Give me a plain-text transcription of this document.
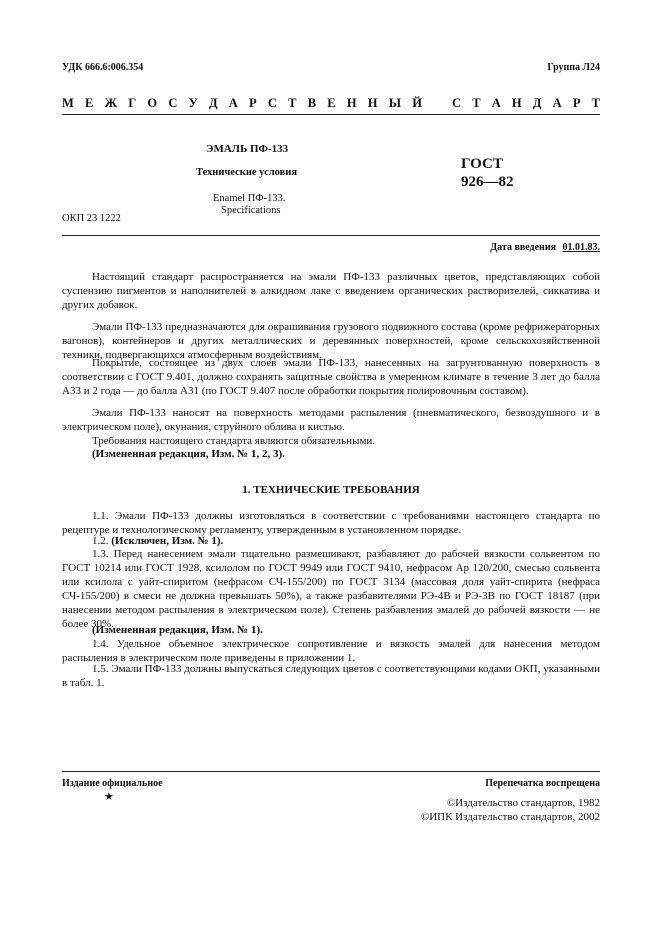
УДК 666.6:006.354	Группа Л24
М Е Ж Г О С У Д А Р С Т В Е Н Н Ы Й С Т А Н Д А Р Т
ЭМАЛЬ ПФ-133
Технические условия
Enamel ПФ-133.
Specifications
ОКП 23 1222
ГОСТ
926—82
Дата введения 01.01.83.

Настоящий стандарт распространяется на эмали ПФ-133 различных цветов, представляющих собой суспензию пигментов и наполнителей в алкидном лаке с введением органических растворителей, сиккатива и других добавок.

Эмали ПФ-133 предназначаются для окрашивания грузового подвижного состава (кроме рефрижераторных вагонов), контейнеров и других металлических и деревянных поверхностей, кроме сельскохозяйственной техники, подвергающихся атмосферным воздействиям.

Покрытие, состоящее из двух слоев эмали ПФ-133, нанесенных на загрунтованную поверхность в соответствии с ГОСТ 9.401, должно сохранять защитные свойства в умеренном климате в течение 3 лет до балла А33 и 2 года — до балла А31 (по ГОСТ 9.407 после обработки покрытия полировочным составом).

Эмали ПФ-133 наносят на поверхность методами распыления (пневматического, безвоздушного и в электрическом поле), окунания, струйного облива и кистью.

Требования настоящего стандарта являются обязательными.

(Измененная редакция, Изм. № 1, 2, 3).

1. ТЕХНИЧЕСКИЕ ТРЕБОВАНИЯ

1.1. Эмали ПФ-133 должны изготовляться в соответствии с требованиями настоящего стандарта по рецептуре и технологическому регламенту, утвержденным в установленном порядке.

1.2. (Исключен, Изм. № 1).

1.3. Перед нанесением эмали тщательно размешивают, разбавляют до рабочей вязкости сольвентом по ГОСТ 10214 или ГОСТ 1928, ксилолом по ГОСТ 9949 или ГОСТ 9410, нефрасом Ар 120/200, смесью сольвента или ксилола с уайт-спиритом (нефрасом СЧ-155/200) по ГОСТ 3134 (массовая доля уайт-спирита (нефраса СЧ-155/200) в смеси не должна превышать 50%), а также разбавителями РЭ-4В и РЭ-3В по ГОСТ 18187 (при нанесении методом распыления в электрическом поле). Степень разбавления эмалей до рабочей вязкости — не более 30%.

(Измененная редакция, Изм. № 1).

1.4. Удельное объемное электрическое сопротивление и вязкость эмалей для нанесения методом распыления в электрическом поле приведены в приложении 1.

1.5. Эмали ПФ-133 должны выпускаться следующих цветов с соответствующими кодами ОКП, указанными в табл. 1.

Издание официальное	Перепечатка воспрещена
★	©Издательство стандартов, 1982
©ИПК Издательство стандартов, 2002
